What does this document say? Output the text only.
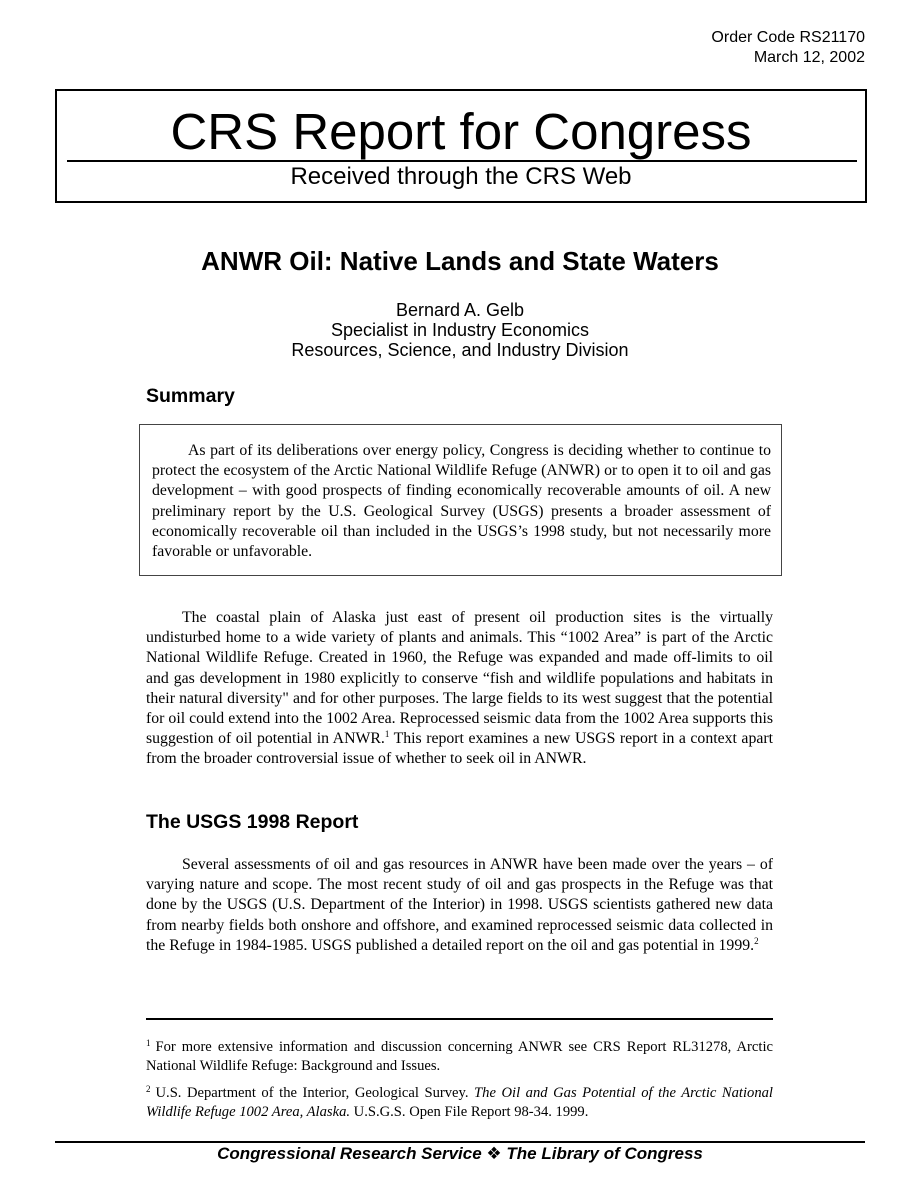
Order Code RS21170
March 12, 2002
CRS Report for Congress
Received through the CRS Web
ANWR Oil: Native Lands and State Waters
Bernard A. Gelb
Specialist in Industry Economics
Resources, Science, and Industry Division
Summary

As part of its deliberations over energy policy, Congress is deciding whether to continue to protect the ecosystem of the Arctic National Wildlife Refuge (ANWR) or to open it to oil and gas development – with good prospects of finding economically recoverable amounts of oil. A new preliminary report by the U.S. Geological Survey (USGS) presents a broader assessment of economically recoverable oil than included in the USGS’s 1998 study, but not necessarily more favorable or unfavorable.

The coastal plain of Alaska just east of present oil production sites is the virtually undisturbed home to a wide variety of plants and animals. This “1002 Area” is part of the Arctic National Wildlife Refuge. Created in 1960, the Refuge was expanded and made off-limits to oil and gas development in 1980 explicitly to conserve “fish and wildlife populations and habitats in their natural diversity" and for other purposes. The large fields to its west suggest that the potential for oil could extend into the 1002 Area. Reprocessed seismic data from the 1002 Area supports this suggestion of oil potential in ANWR.$^1$ This report examines a new USGS report in a context apart from the broader controversial issue of whether to seek oil in ANWR.

The USGS 1998 Report

Several assessments of oil and gas resources in ANWR have been made over the years – of varying nature and scope. The most recent study of oil and gas prospects in the Refuge was that done by the USGS (U.S. Department of the Interior) in 1998. USGS scientists gathered new data from nearby fields both onshore and offshore, and examined reprocessed seismic data collected in the Refuge in 1984-1985. USGS published a detailed report on the oil and gas potential in 1999.$^2$

$^1$ For more extensive information and discussion concerning ANWR see CRS Report RL31278, Arctic National Wildlife Refuge: Background and Issues.

$^2$ U.S. Department of the Interior, Geological Survey. The Oil and Gas Potential of the Arctic National Wildlife Refuge 1002 Area, Alaska. U.S.G.S. Open File Report 98-34. 1999.

Congressional Research Service ❖ The Library of Congress
